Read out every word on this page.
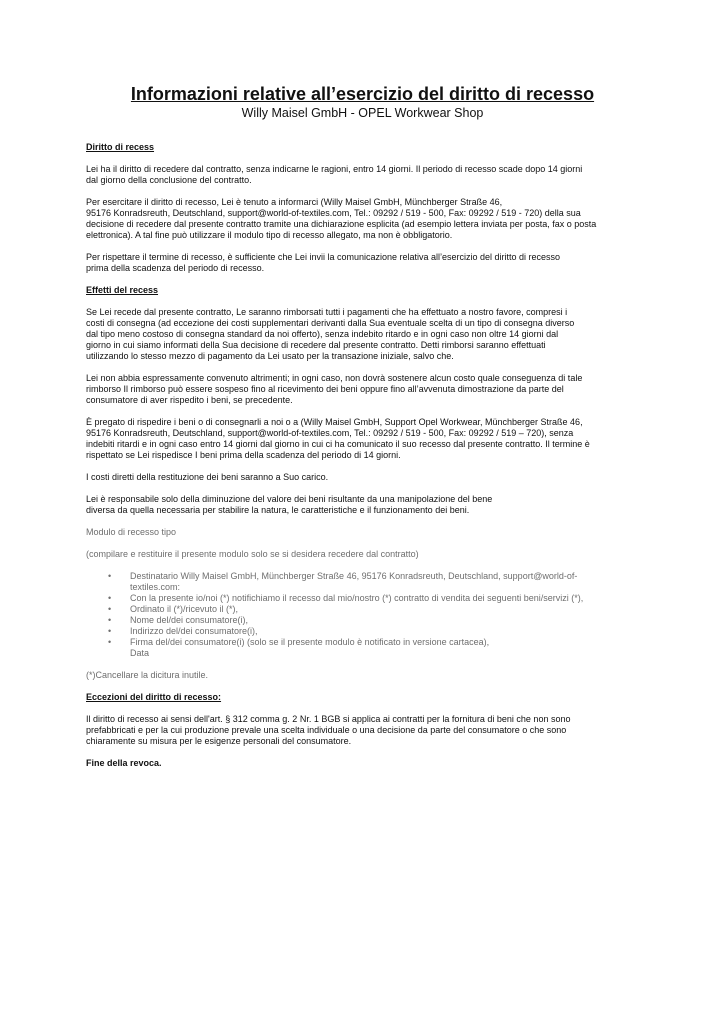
Informazioni relative all’esercizio del diritto di recesso
Willy Maisel GmbH - OPEL Workwear Shop
Diritto di recess
Lei ha il diritto di recedere dal contratto, senza indicarne le ragioni, entro 14 giorni. Il periodo di recesso scade dopo 14 giorni
dal giorno della conclusione del contratto.
Per esercitare il diritto di recesso, Lei è tenuto a informarci (Willy Maisel GmbH, Münchberger Straße 46,
95176 Konradsreuth, Deutschland, support@world-of-textiles.com, Tel.: 09292 / 519 - 500, Fax: 09292 / 519 - 720) della sua
decisione di recedere dal presente contratto tramite una dichiarazione esplicita (ad esempio lettera inviata per posta, fax o posta
elettronica). A tal fine può utilizzare il modulo tipo di recesso allegato, ma non è obbligatorio.
Per rispettare il termine di recesso, è sufficiente che Lei invii la comunicazione relativa all’esercizio del diritto di recesso
prima della scadenza del periodo di recesso.
Effetti del recess
Se Lei recede dal presente contratto, Le saranno rimborsati tutti i pagamenti che ha effettuato a nostro favore, compresi i
costi di consegna (ad eccezione dei costi supplementari derivanti dalla Sua eventuale scelta di un tipo di consegna diverso
dal tipo meno costoso di consegna standard da noi offerto), senza indebito ritardo e in ogni caso non oltre 14 giorni dal
giorno in cui siamo informati della Sua decisione di recedere dal presente contratto. Detti rimborsi saranno effettuati
utilizzando lo stesso mezzo di pagamento da Lei usato per la transazione iniziale, salvo che.
Lei non abbia espressamente convenuto altrimenti; in ogni caso, non dovrà sostenere alcun costo quale conseguenza di tale
rimborso Il rimborso può essere sospeso fino al ricevimento dei beni oppure fino all’avvenuta dimostrazione da parte del
consumatore di aver rispedito i beni, se precedente.
È pregato di rispedire i beni o di consegnarli a noi o a (Willy Maisel GmbH, Support Opel Workwear, Münchberger Straße 46,
95176 Konradsreuth, Deutschland, support@world-of-textiles.com, Tel.: 09292 / 519 - 500, Fax: 09292 / 519 – 720), senza
indebiti ritardi e in ogni caso entro 14 giorni dal giorno in cui ci ha comunicato il suo recesso dal presente contratto. Il termine è
rispettato se Lei rispedisce I beni prima della scadenza del periodo di 14 giorni.
I costi diretti della restituzione dei beni saranno a Suo carico.
Lei è responsabile solo della diminuzione del valore dei beni risultante da una manipolazione del bene
diversa da quella necessaria per stabilire la natura, le caratteristiche e il funzionamento dei beni.
Modulo di recesso tipo
(compilare e restituire il presente modulo solo se si desidera recedere dal contratto)
• Destinatario Willy Maisel GmbH, Münchberger Straße 46, 95176 Konradsreuth, Deutschland, support@world-of-
textiles.com:
• Con la presente io/noi (*) notifichiamo il recesso dal mio/nostro (*) contratto di vendita dei seguenti beni/servizi (*),
• Ordinato il (*)/ricevuto il (*),
• Nome del/dei consumatore(i),
• Indirizzo del/dei consumatore(i),
• Firma del/dei consumatore(i) (solo se il presente modulo è notificato in versione cartacea),
Data
(*)Cancellare la dicitura inutile.
Eccezioni del diritto di recesso:
Il diritto di recesso ai sensi dell'art. § 312 comma g. 2 Nr. 1 BGB si applica ai contratti per la fornitura di beni che non sono
prefabbricati e per la cui produzione prevale una scelta individuale o una decisione da parte del consumatore o che sono
chiaramente su misura per le esigenze personali del consumatore.
Fine della revoca.
